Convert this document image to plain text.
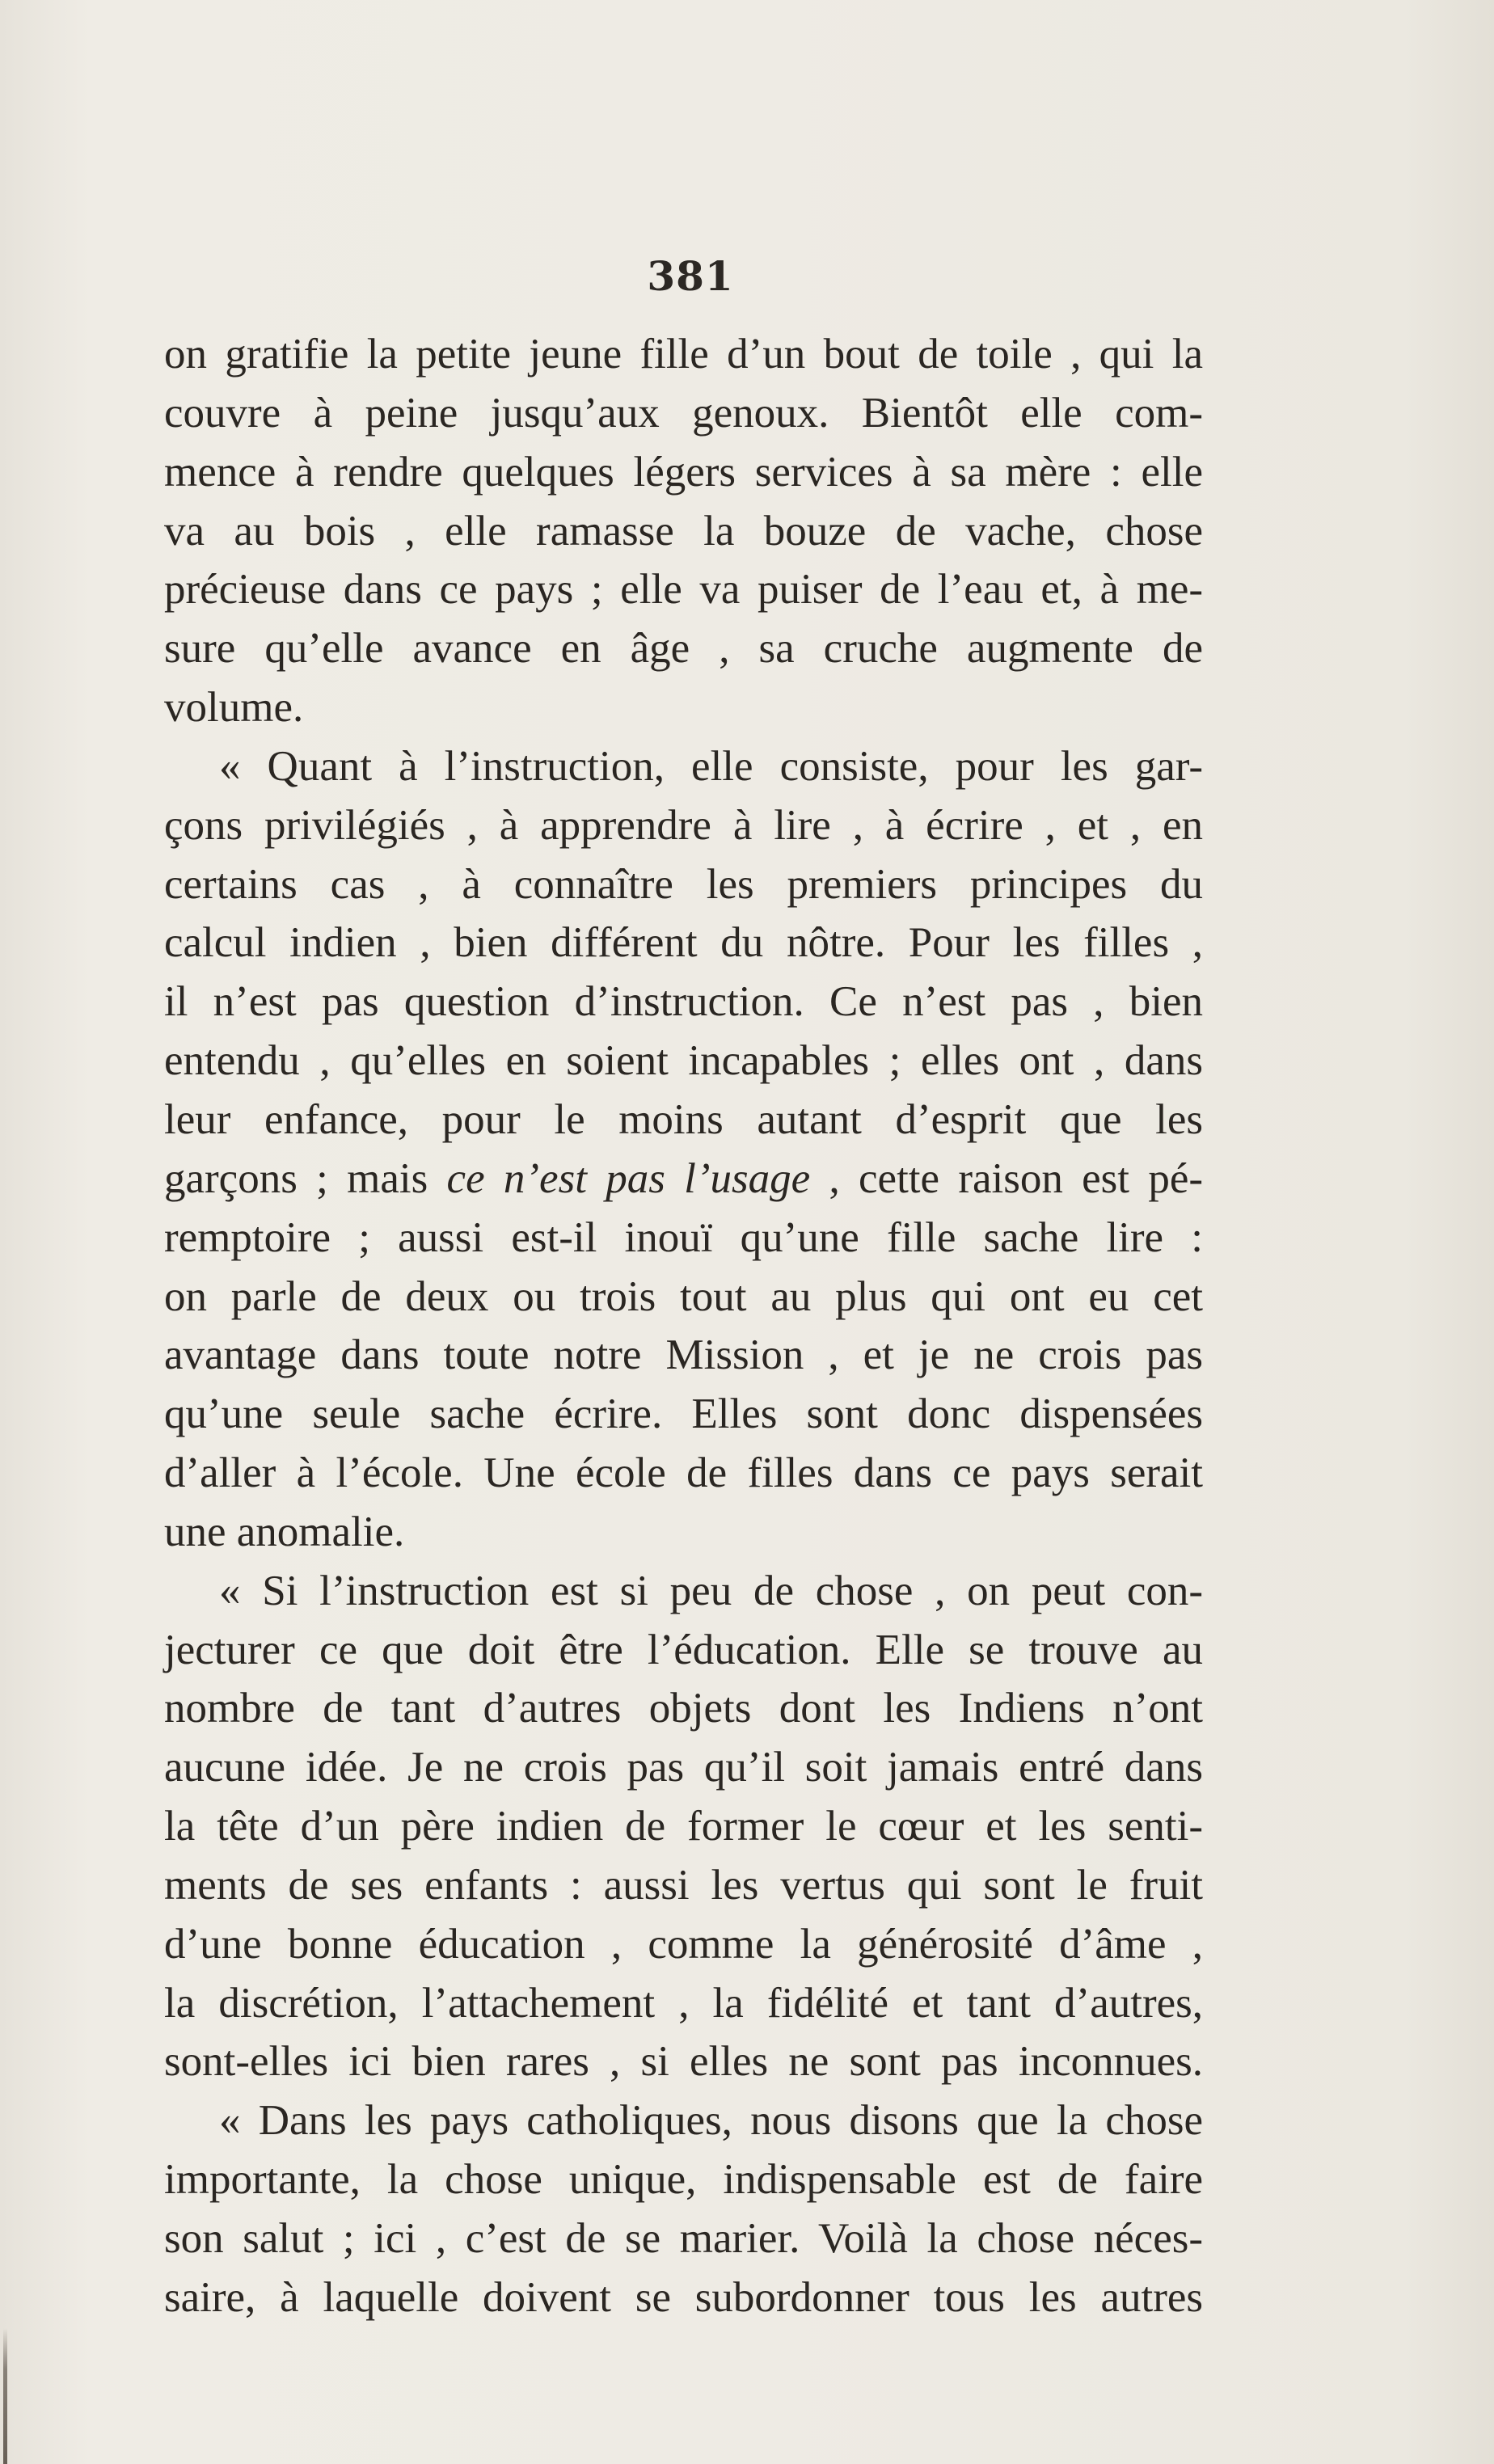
381
on gratifie la petite jeune fille d’un bout de toile , qui la
couvre à peine jusqu’aux genoux. Bientôt elle com-
mence à rendre quelques légers services à sa mère : elle
va au bois , elle ramasse la bouze de vache, chose
précieuse dans ce pays ; elle va puiser de l’eau et, à me-
sure qu’elle avance en âge , sa cruche augmente de
volume.
« Quant à l’instruction, elle consiste, pour les gar-
çons privilégiés , à apprendre à lire , à écrire , et , en
certains cas , à connaître les premiers principes du
calcul indien , bien différent du nôtre. Pour les filles ,
il n’est pas question d’instruction. Ce n’est pas , bien
entendu , qu’elles en soient incapables ; elles ont , dans
leur enfance, pour le moins autant d’esprit que les
garçons ; mais ce n’est pas l’usage , cette raison est pé-
remptoire ; aussi est-il inouï qu’une fille sache lire :
on parle de deux ou trois tout au plus qui ont eu cet
avantage dans toute notre Mission , et je ne crois pas
qu’une seule sache écrire. Elles sont donc dispensées
d’aller à l’école. Une école de filles dans ce pays serait
une anomalie.
« Si l’instruction est si peu de chose , on peut con-
jecturer ce que doit être l’éducation. Elle se trouve au
nombre de tant d’autres objets dont les Indiens n’ont
aucune idée. Je ne crois pas qu’il soit jamais entré dans
la tête d’un père indien de former le cœur et les senti-
ments de ses enfants : aussi les vertus qui sont le fruit
d’une bonne éducation , comme la générosité d’âme ,
la discrétion, l’attachement , la fidélité et tant d’autres,
sont-elles ici bien rares , si elles ne sont pas inconnues.
« Dans les pays catholiques, nous disons que la chose
importante, la chose unique, indispensable est de faire
son salut ; ici , c’est de se marier. Voilà la chose néces-
saire, à laquelle doivent se subordonner tous les autres
